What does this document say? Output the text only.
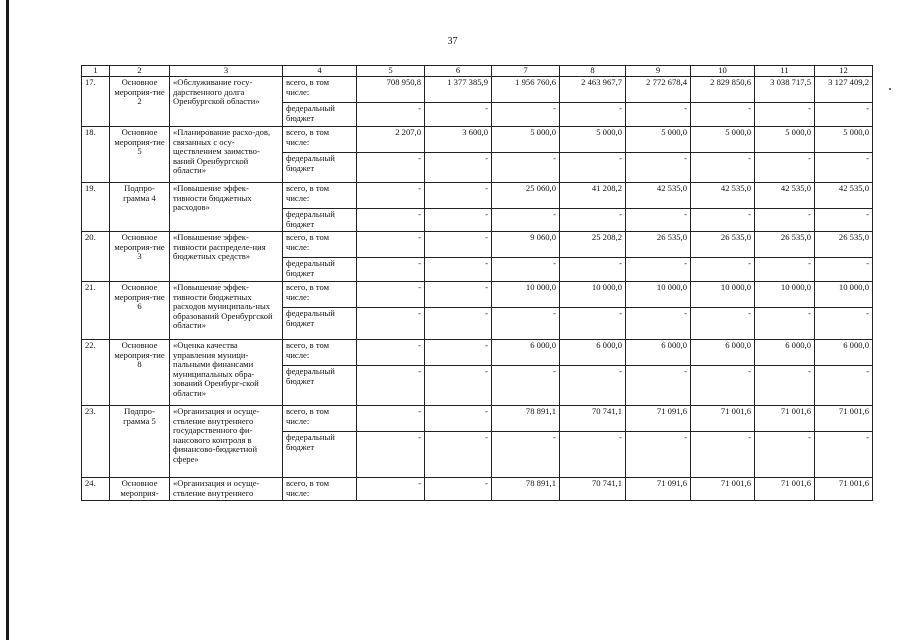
37
1	2	3	4	5	6	7	8	9	10	11	12
17.	Основное мероприя-тие 2	«Обслуживание госу-дарственного долга Оренбургской области»	всего, в том числе:	708 950,8	1 377 385,9	1 956 760,6	2 463 967,7	2 772 678,4	2 829 850,6	3 038 717,5	3 127 409,2
			федеральный бюджет	-	-	-	-	-	-	-	-
18.	Основное мероприя-тие 5	«Планирование расхо-дов, связанных с осу-ществлением заимство-ваний Оренбургской области»	всего, в том числе:	2 207,0	3 600,0	5 000,0	5 000,0	5 000,0	5 000,0	5 000,0	5 000,0
			федеральный бюджет	-	-	-	-	-	-	-	-
19.	Подпро-грамма 4	«Повышение эффек-тивности бюджетных расходов»	всего, в том числе:	-	-	25 060,0	41 208,2	42 535,0	42 535,0	42 535,0	42 535,0
			федеральный бюджет	-	-	-	-	-	-	-	-
20.	Основное мероприя-тие 3	«Повышение эффек-тивности распределе-ния бюджетных средств»	всего, в том числе:	-	-	9 060,0	25 208,2	26 535,0	26 535,0	26 535,0	26 535,0
			федеральный бюджет	-	-	-	-	-	-	-	-
21.	Основное мероприя-тие 6	«Повышение эффек-тивности бюджетных расходов муниципаль-ных образований Оренбургской области»	всего, в том числе:	-	-	10 000,0	10 000,0	10 000,0	10 000,0	10 000,0	10 000,0
			федеральный бюджет	-	-	-	-	-	-	-	-
22.	Основное мероприя-тие 8	«Оценка качества управления муници-пальными финансами муниципальных обра-зований Оренбург-ской области»	всего, в том числе:	-	-	6 000,0	6 000,0	6 000,0	6 000,0	6 000,0	6 000,0
			федеральный бюджет	-	-	-	-	-	-	-	-
23.	Подпро-грамма 5	«Организация и осуще-ствление внутреннего государственного фи-нансового контроля в финансово-бюджетной сфере»	всего, в том числе:	-	-	78 891,1	70 741,1	71 091,6	71 001,6	71 001,6	71 001,6
			федеральный бюджет	-	-	-	-	-	-	-	-
24.	Основное мероприя-	«Организация и осуще-ствление внутреннего	всего, в том числе:	-	-	78 891,1	70 741,1	71 091,6	71 001,6	71 001,6	71 001,6
